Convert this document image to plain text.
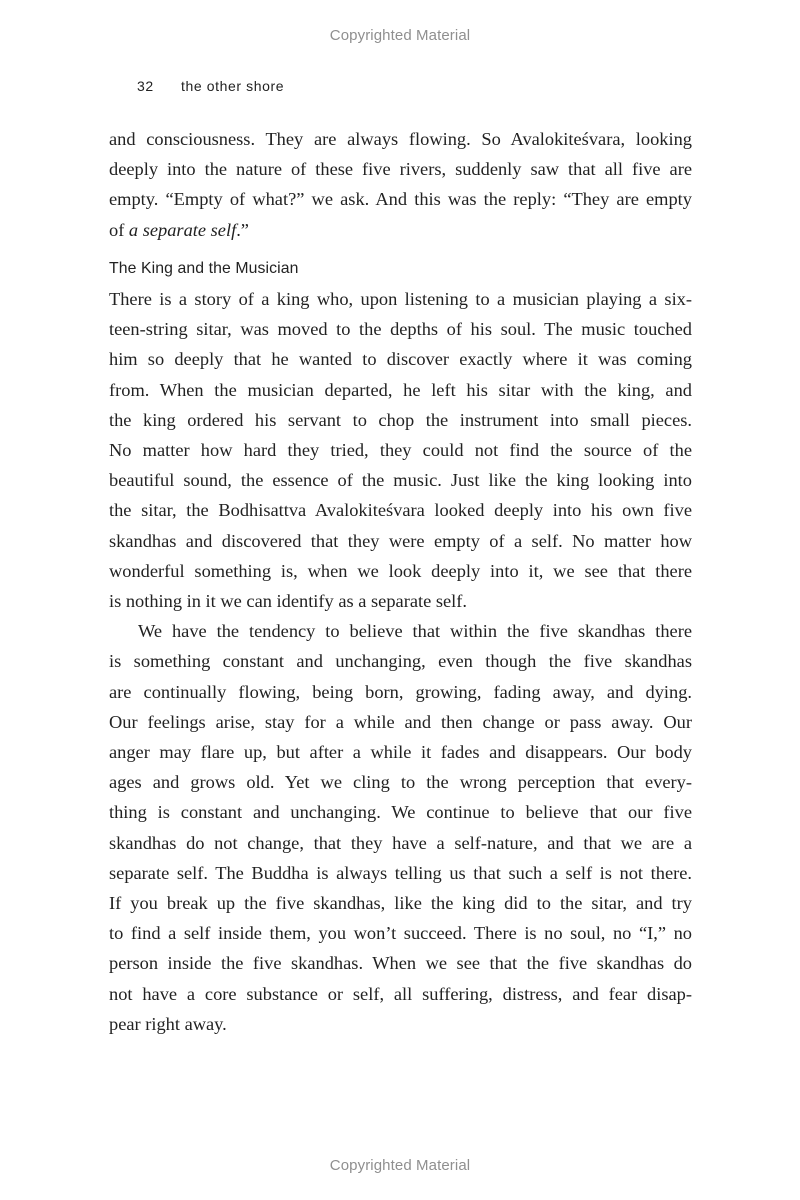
Copyrighted Material
32 the other shore

and consciousness. They are always flowing. So Avalokiteśvara, looking
deeply into the nature of these five rivers, suddenly saw that all five are
empty. “Empty of what?” we ask. And this was the reply: “They are empty
of a separate self.”

The King and the Musician

There is a story of a king who, upon listening to a musician playing a six-
teen-string sitar, was moved to the depths of his soul. The music touched
him so deeply that he wanted to discover exactly where it was coming
from. When the musician departed, he left his sitar with the king, and
the king ordered his servant to chop the instrument into small pieces.
No matter how hard they tried, they could not find the source of the
beautiful sound, the essence of the music. Just like the king looking into
the sitar, the Bodhisattva Avalokiteśvara looked deeply into his own five
skandhas and discovered that they were empty of a self. No matter how
wonderful something is, when we look deeply into it, we see that there
is nothing in it we can identify as a separate self.

We have the tendency to believe that within the five skandhas there
is something constant and unchanging, even though the five skandhas
are continually flowing, being born, growing, fading away, and dying.
Our feelings arise, stay for a while and then change or pass away. Our
anger may flare up, but after a while it fades and disappears. Our body
ages and grows old. Yet we cling to the wrong perception that every-
thing is constant and unchanging. We continue to believe that our five
skandhas do not change, that they have a self-nature, and that we are a
separate self. The Buddha is always telling us that such a self is not there.
If you break up the five skandhas, like the king did to the sitar, and try
to find a self inside them, you won’t succeed. There is no soul, no “I,” no
person inside the five skandhas. When we see that the five skandhas do
not have a core substance or self, all suffering, distress, and fear disap-
pear right away.

Copyrighted Material
